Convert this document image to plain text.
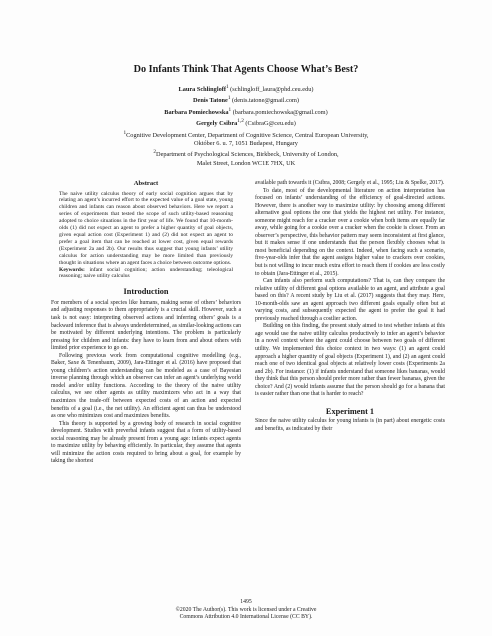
Do Infants Think That Agents Choose What’s Best?
Laura Schlingloff$^1$ (schlingloff_laura@phd.ceu.edu)
Denis Tatone$^1$ (denis.tatone@gmail.com)
Barbara Pomiechowska$^1$ (barbara.pomiechowska@gmail.com)
Gergely Csibra$^{1,2}$ (CsibraG@ceu.edu)
$^1$Cognitive Development Center, Department of Cognitive Science, Central European University,
Október 6. u. 7, 1051 Budapest, Hungary
$^2$Department of Psychological Sciences, Birkbeck, University of London,
Malet Street, London WC1E 7HX, UK
Abstract

The naive utility calculus theory of early social cognition argues that by relating an agent’s incurred effort to the expected value of a goal state, young children and infants can reason about observed behaviors. Here we report a series of experiments that tested the scope of such utility-based reasoning adopted to choice situations in the first year of life. We found that 10-month-olds (1) did not expect an agent to prefer a higher quantity of goal objects, given equal action cost (Experiment 1) and (2) did not expect an agent to prefer a goal item that can be reached at lower cost, given equal rewards (Experiment 2a and 2b). Our results thus suggest that young infants’ utility calculus for action understanding may be more limited than previously thought in situations where an agent faces a choice between outcome options.

Keywords: infant social cognition; action understanding; teleological reasoning; naive utility calculus

Introduction

For members of a social species like humans, making sense of others’ behaviors and adjusting responses to them appropriately is a crucial skill. However, such a task is not easy: interpreting observed actions and inferring others’ goals is a backward inference that is always underdetermined, as similar-looking actions can be motivated by different underlying intentions. The problem is particularly pressing for children and infants: they have to learn from and about others with limited prior experience to go on.

Following previous work from computational cognitive modelling (e.g., Baker, Saxe & Tenenbaum, 2009), Jara-Ettinger et al. (2016) have proposed that young children’s action understanding can be modeled as a case of Bayesian inverse planning through which an observer can infer an agent’s underlying world model and/or utility functions. According to the theory of the naive utility calculus, we see other agents as utility maximizers who act in a way that maximizes the trade-off between expected costs of an action and expected benefits of a goal (i.e., the net utility). An efficient agent can thus be understood as one who minimizes cost and maximizes benefits.

This theory is supported by a growing body of research in social cognitive development. Studies with preverbal infants suggest that a form of utility-based social reasoning may be already present from a young age: infants expect agents to maximize utility by behaving efficiently. In particular, they assume that agents will minimize the action costs required to bring about a goal, for example by taking the shortest

available path towards it (Csibra, 2008; Gergely et al., 1995; Liu & Spelke, 2017).

To date, most of the developmental literature on action interpretation has focused on infants’ understanding of the efficiency of goal-directed actions. However, there is another way to maximize utility: by choosing among different alternative goal options the one that yields the highest net utility. For instance, someone might reach for a cracker over a cookie when both items are equally far away, while going for a cookie over a cracker when the cookie is closer. From an observer’s perspective, this behavior pattern may seem inconsistent at first glance, but it makes sense if one understands that the person flexibly chooses what is most beneficial depending on the context. Indeed, when facing such a scenario, five-year-olds infer that the agent assigns higher value to crackers over cookies, but is not willing to incur much extra effort to reach them if cookies are less costly to obtain (Jara-Ettinger et al., 2015).

Can infants also perform such computations? That is, can they compare the relative utility of different goal options available to an agent, and attribute a goal based on this? A recent study by Liu et al. (2017) suggests that they may. Here, 10-month-olds saw an agent approach two different goals equally often but at varying costs, and subsequently expected the agent to prefer the goal it had previously reached through a costlier action.

Building on this finding, the present study aimed to test whether infants at this age would use the naive utility calculus productively to infer an agent’s behavior in a novel context where the agent could choose between two goals of different utility. We implemented this choice context in two ways: (1) an agent could approach a higher quantity of goal objects (Experiment 1), and (2) an agent could reach one of two identical goal objects at relatively lower costs (Experiments 2a and 2b). For instance: (1) if infants understand that someone likes bananas, would they think that this person should prefer more rather than fewer bananas, given the choice? And (2) would infants assume that the person should go for a banana that is easier rather than one that is harder to reach?

Experiment 1

Since the naive utility calculus for young infants is (in part) about energetic costs and benefits, as indicated by their

1495
©2020 The Author(s). This work is licensed under a Creative
Commons Attribution 4.0 International License (CC BY).
